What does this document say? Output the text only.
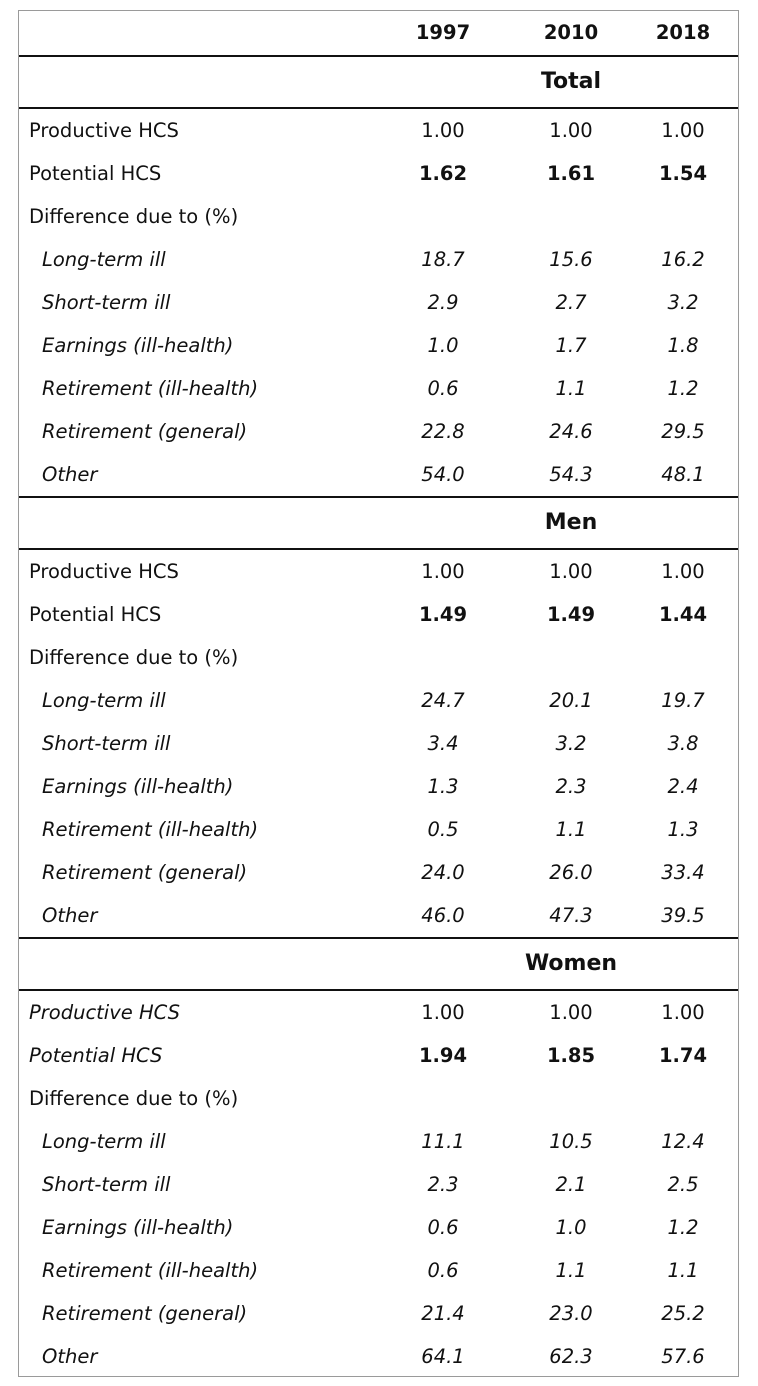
1997	2010	2018
Total
Productive HCS	1.00	1.00	1.00
Potential HCS	1.62	1.61	1.54
Difference due to (%)
Long-term ill	18.7	15.6	16.2
Short-term ill	2.9	2.7	3.2
Earnings (ill-health)	1.0	1.7	1.8
Retirement (ill-health)	0.6	1.1	1.2
Retirement (general)	22.8	24.6	29.5
Other	54.0	54.3	48.1
Men
Productive HCS	1.00	1.00	1.00
Potential HCS	1.49	1.49	1.44
Difference due to (%)
Long-term ill	24.7	20.1	19.7
Short-term ill	3.4	3.2	3.8
Earnings (ill-health)	1.3	2.3	2.4
Retirement (ill-health)	0.5	1.1	1.3
Retirement (general)	24.0	26.0	33.4
Other	46.0	47.3	39.5
Women
Productive HCS	1.00	1.00	1.00
Potential HCS	1.94	1.85	1.74
Difference due to (%)
Long-term ill	11.1	10.5	12.4
Short-term ill	2.3	2.1	2.5
Earnings (ill-health)	0.6	1.0	1.2
Retirement (ill-health)	0.6	1.1	1.1
Retirement (general)	21.4	23.0	25.2
Other	64.1	62.3	57.6
